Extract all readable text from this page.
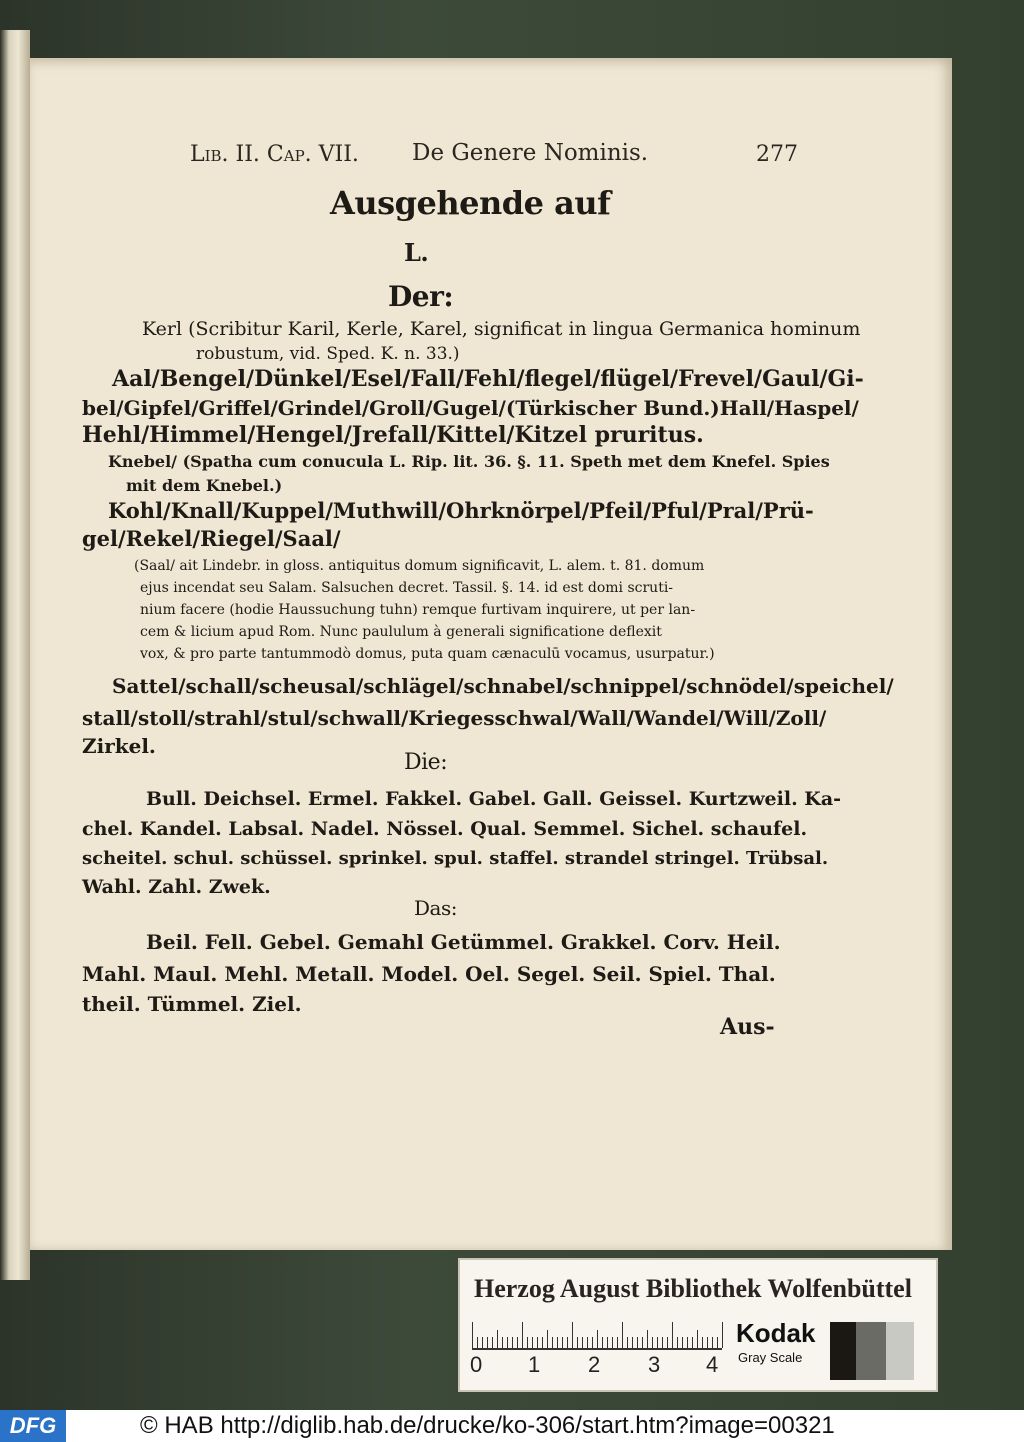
Lib. II. Cap. VII. De Genere Nominis.	277
Ausgehende auf
L.
Der:
Kerl (Scribitur Karil, Kerle, Karel, significat in lingua Germanica hominum
robustum, vid. Sped. K. n. 33.)
Aal/Bengel/Dünkel/Esel/Fall/Fehl/flegel/flügel/Frevel/Gaul/Gi-
bel/Gipfel/Griffel/Grindel/Groll/Gugel/(Türkischer Bund.)Hall/Haspel/
Hehl/Himmel/Hengel/Jrefall/Kittel/Kitzel pruritus.
Knebel/ (Spatha cum conucula L. Rip. lit. 36. §. 11. Speth met dem Knefel. Spies
mit dem Knebel.)
Kohl/Knall/Kuppel/Muthwill/Ohrknörpel/Pfeil/Pful/Pral/Prü-
gel/Rekel/Riegel/Saal/
(Saal/ ait Lindebr. in gloss. antiquitus domum significavit, L. alem. t. 81. domum
ejus incendat seu Salam. Salsuchen decret. Tassil. §. 14. id est domi scruti-
nium facere (hodie Haussuchung tuhn) remque furtivam inquirere, ut per lan-
cem & licium apud Rom. Nunc paululum à generali significatione deflexit
vox, & pro parte tantummodò domus, puta quam cænaculū vocamus, usurpatur.)
Sattel/schall/scheusal/schlägel/schnabel/schnippel/schnödel/speichel/
stall/stoll/strahl/stul/schwall/Kriegesschwal/Wall/Wandel/Will/Zoll/
Zirkel.
Die:
Bull. Deichsel. Ermel. Fakkel. Gabel. Gall. Geissel. Kurtzweil. Ka-
chel. Kandel. Labsal. Nadel. Nössel. Qual. Semmel. Sichel. schaufel.
scheitel. schul. schüssel. sprinkel. spul. staffel. strandel stringel. Trübsal.
Wahl. Zahl. Zwek.
Das:
Beil. Fell. Gebel. Gemahl Getümmel. Grakkel. Corv. Heil.
Mahl. Maul. Mehl. Metall. Model. Oel. Segel. Seil. Spiel. Thal.
theil. Tümmel. Ziel.
Aus-
Herzog August Bibliothek Wolfenbüttel
0 1 2 3 4
Kodak
Gray Scale
DFG	© HAB http://diglib.hab.de/drucke/ko-306/start.htm?image=00321
